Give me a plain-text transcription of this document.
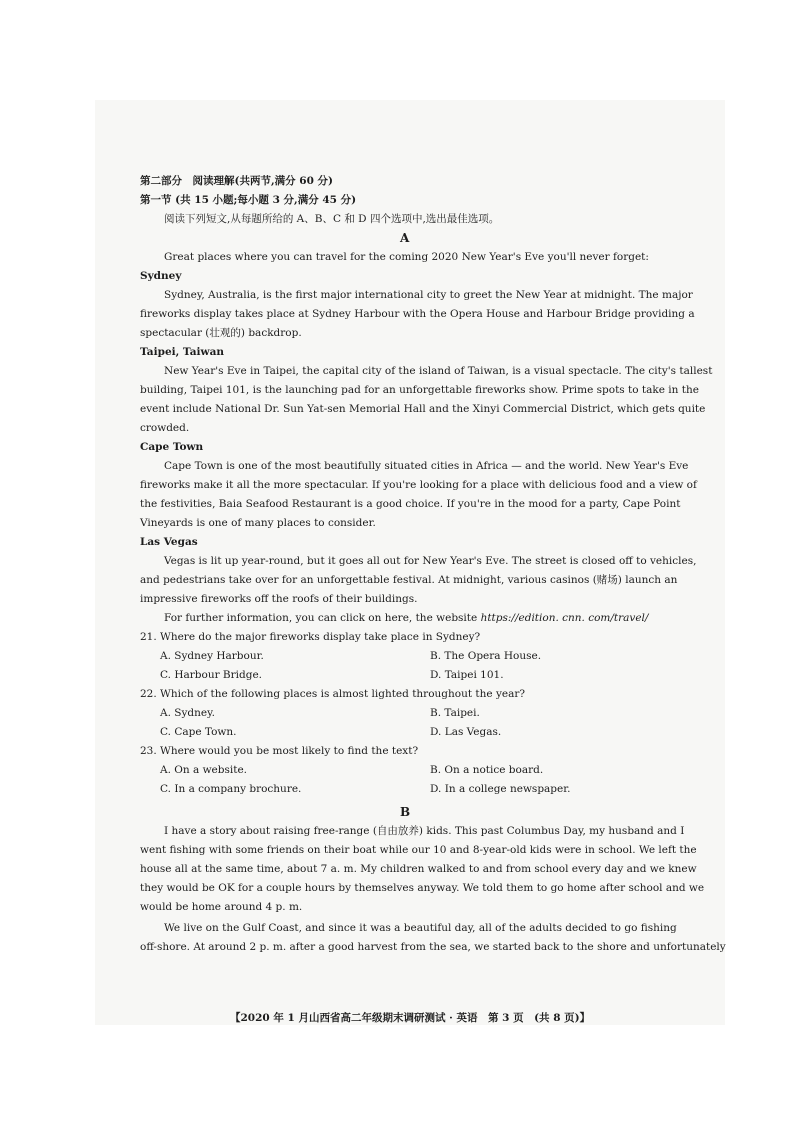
第二部分　阅读理解(共两节,满分 60 分)
第一节 (共 15 小题;每小题 3 分,满分 45 分)
阅读下列短文,从每题所给的 A、B、C 和 D 四个选项中,选出最佳选项。
A
Great places where you can travel for the coming 2020 New Year's Eve you'll never forget:
Sydney
Sydney, Australia, is the first major international city to greet the New Year at midnight. The major
fireworks display takes place at Sydney Harbour with the Opera House and Harbour Bridge providing a
spectacular (壮观的) backdrop.
Taipei, Taiwan
New Year's Eve in Taipei, the capital city of the island of Taiwan, is a visual spectacle. The city's tallest
building, Taipei 101, is the launching pad for an unforgettable fireworks show. Prime spots to take in the
event include National Dr. Sun Yat-sen Memorial Hall and the Xinyi Commercial District, which gets quite
crowded.
Cape Town
Cape Town is one of the most beautifully situated cities in Africa — and the world. New Year's Eve
fireworks make it all the more spectacular. If you're looking for a place with delicious food and a view of
the festivities, Baia Seafood Restaurant is a good choice. If you're in the mood for a party, Cape Point
Vineyards is one of many places to consider.
Las Vegas
Vegas is lit up year-round, but it goes all out for New Year's Eve. The street is closed off to vehicles,
and pedestrians take over for an unforgettable festival. At midnight, various casinos (赌场) launch an
impressive fireworks off the roofs of their buildings.
For further information, you can click on here, the website https://edition. cnn. com/travel/
21. Where do the major fireworks display take place in Sydney?
A. Sydney Harbour.	B. The Opera House.
C. Harbour Bridge.	D. Taipei 101.
22. Which of the following places is almost lighted throughout the year?
A. Sydney.	B. Taipei.
C. Cape Town.	D. Las Vegas.
23. Where would you be most likely to find the text?
A. On a website.	B. On a notice board.
C. In a company brochure.	D. In a college newspaper.
B
I have a story about raising free-range (自由放养) kids. This past Columbus Day, my husband and I
went fishing with some friends on their boat while our 10 and 8-year-old kids were in school. We left the
house all at the same time, about 7 a. m. My children walked to and from school every day and we knew
they would be OK for a couple hours by themselves anyway. We told them to go home after school and we
would be home around 4 p. m.
We live on the Gulf Coast, and since it was a beautiful day, all of the adults decided to go fishing
off-shore. At around 2 p. m. after a good harvest from the sea, we started back to the shore and unfortunately
【2020 年 1 月山西省高二年级期末调研测试 · 英语　第 3 页　(共 8 页)】
